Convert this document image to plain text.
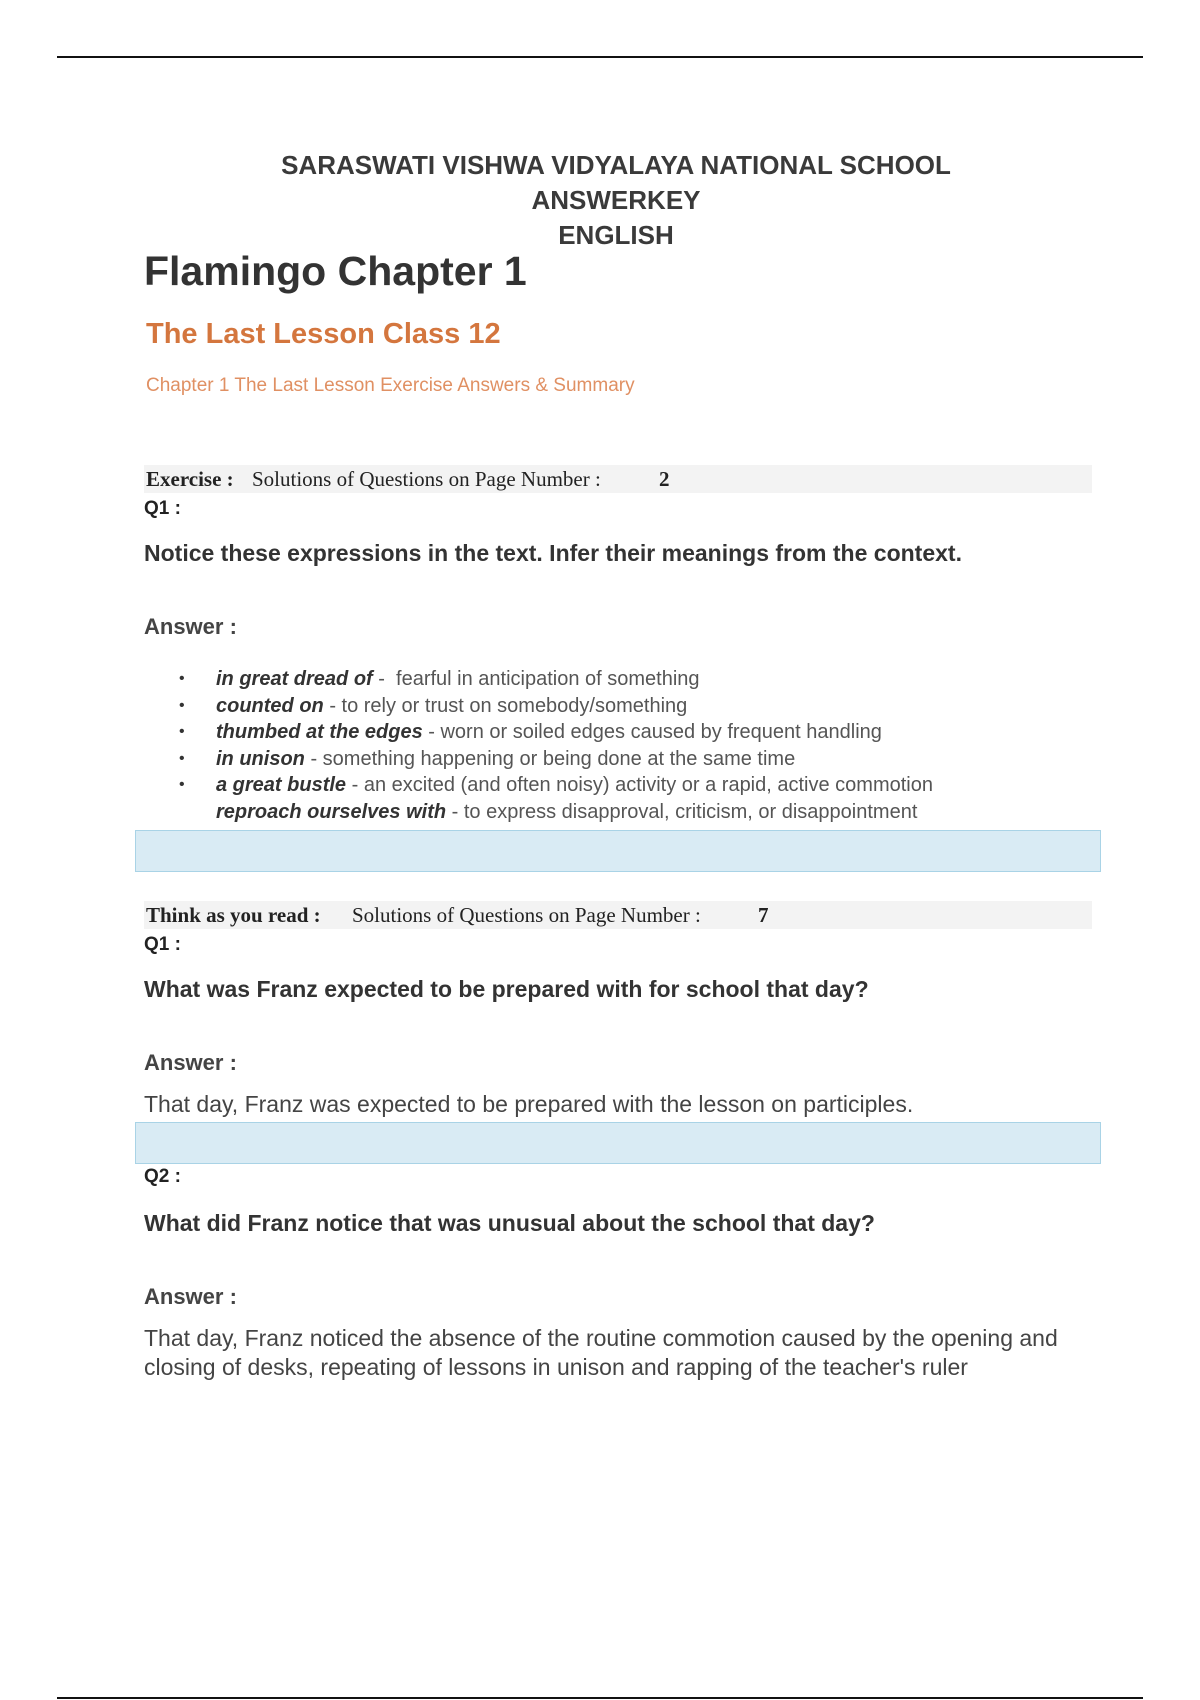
SARASWATI VISHWA VIDYALAYA NATIONAL SCHOOL
ANSWERKEY
ENGLISH
Flamingo Chapter 1
The Last Lesson Class 12
Chapter 1 The Last Lesson Exercise Answers & Summary
Exercise : Solutions of Questions on Page Number :	2
Q1 :
Notice these expressions in the text. Infer their meanings from the context.
Answer :
• in great dread of -  fearful in anticipation of something
• counted on - to rely or trust on somebody/something
• thumbed at the edges - worn or soiled edges caused by frequent handling
• in unison - something happening or being done at the same time
• a great bustle - an excited (and often noisy) activity or a rapid, active commotion
reproach ourselves with - to express disapproval, criticism, or disappointment
Think as you read : Solutions of Questions on Page Number :	7
Q1 :
What was Franz expected to be prepared with for school that day?
Answer :
That day, Franz was expected to be prepared with the lesson on participles.
Q2 :
What did Franz notice that was unusual about the school that day?
Answer :
That day, Franz noticed the absence of the routine commotion caused by the opening and closing of desks, repeating of lessons in unison and rapping of the teacher's ruler
